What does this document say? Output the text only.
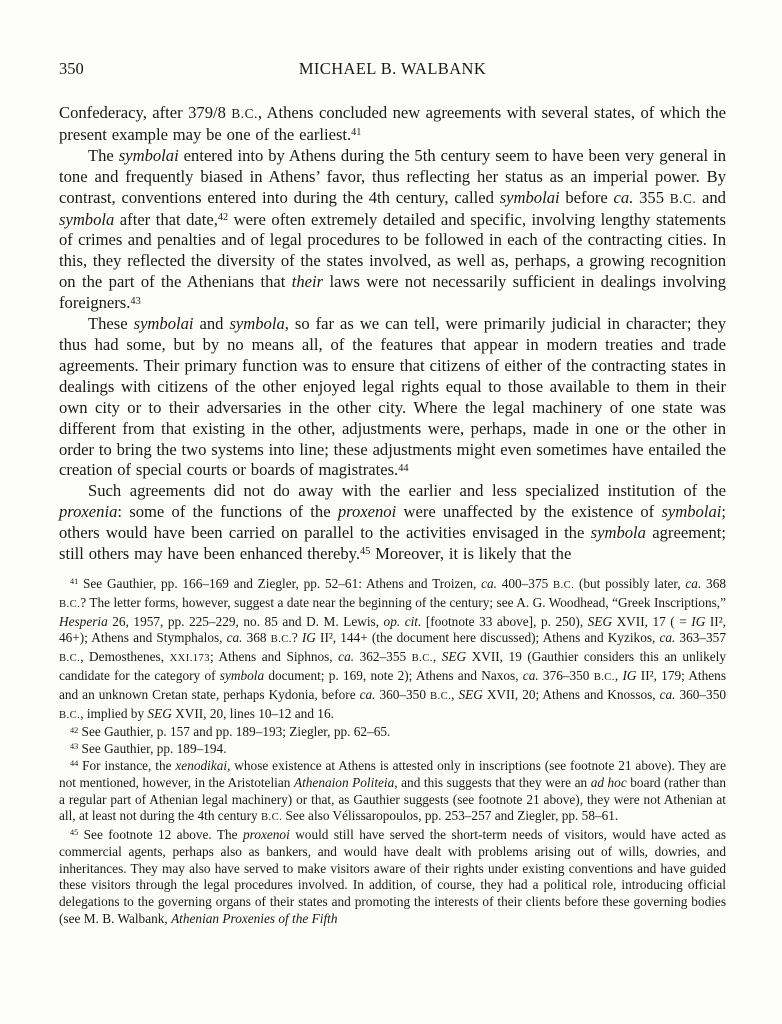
350	MICHAEL B. WALBANK

Confederacy, after 379/8 B.C., Athens concluded new agreements with several states, of which the present example may be one of the earliest.$^{41}$

The symbolai entered into by Athens during the 5th century seem to have been very general in tone and frequently biased in Athens’ favor, thus reflecting her status as an imperial power. By contrast, conventions entered into during the 4th century, called symbolai before ca. 355 B.C. and symbola after that date,$^{42}$ were often extremely detailed and specific, involving lengthy statements of crimes and penalties and of legal procedures to be followed in each of the contracting cities. In this, they reflected the diversity of the states involved, as well as, perhaps, a growing recognition on the part of the Athenians that their laws were not necessarily sufficient in dealings involving foreigners.$^{43}$

These symbolai and symbola, so far as we can tell, were primarily judicial in character; they thus had some, but by no means all, of the features that appear in modern treaties and trade agreements. Their primary function was to ensure that citizens of either of the contracting states in dealings with citizens of the other enjoyed legal rights equal to those available to them in their own city or to their adversaries in the other city. Where the legal machinery of one state was different from that existing in the other, adjustments were, perhaps, made in one or the other in order to bring the two systems into line; these adjustments might even sometimes have entailed the creation of special courts or boards of magistrates.$^{44}$

Such agreements did not do away with the earlier and less specialized institution of the proxenia: some of the functions of the proxenoi were unaffected by the existence of symbolai; others would have been carried on parallel to the activities envisaged in the symbola agreement; still others may have been enhanced thereby.$^{45}$ Moreover, it is likely that the

$^{41}$ See Gauthier, pp. 166–169 and Ziegler, pp. 52–61: Athens and Troizen, ca. 400–375 B.C. (but possibly later, ca. 368 B.C.? The letter forms, however, suggest a date near the beginning of the century; see A. G. Woodhead, “Greek Inscriptions,” Hesperia 26, 1957, pp. 225–229, no. 85 and D. M. Lewis, op. cit. [footnote 33 above], p. 250), SEG XVII, 17 ( = IG II², 46+); Athens and Stymphalos, ca. 368 B.C.? IG II², 144+ (the document here discussed); Athens and Kyzikos, ca. 363–357 B.C., Demosthenes, XXI.173; Athens and Siphnos, ca. 362–355 B.C., SEG XVII, 19 (Gauthier considers this an unlikely candidate for the category of symbola document; p. 169, note 2); Athens and Naxos, ca. 376–350 B.C., IG II², 179; Athens and an unknown Cretan state, perhaps Kydonia, before ca. 360–350 B.C., SEG XVII, 20; Athens and Knossos, ca. 360–350 B.C., implied by SEG XVII, 20, lines 10–12 and 16.

$^{42}$ See Gauthier, p. 157 and pp. 189–193; Ziegler, pp. 62–65.

$^{43}$ See Gauthier, pp. 189–194.

$^{44}$ For instance, the xenodikai, whose existence at Athens is attested only in inscriptions (see footnote 21 above). They are not mentioned, however, in the Aristotelian Athenaion Politeia, and this suggests that they were an ad hoc board (rather than a regular part of Athenian legal machinery) or that, as Gauthier suggests (see footnote 21 above), they were not Athenian at all, at least not during the 4th century B.C. See also Vélissaropoulos, pp. 253–257 and Ziegler, pp. 58–61.

$^{45}$ See footnote 12 above. The proxenoi would still have served the short-term needs of visitors, would have acted as commercial agents, perhaps also as bankers, and would have dealt with problems arising out of wills, dowries, and inheritances. They may also have served to make visitors aware of their rights under existing conventions and have guided these visitors through the legal procedures involved. In addition, of course, they had a political role, introducing official delegations to the governing organs of their states and promoting the interests of their clients before these governing bodies (see M. B. Walbank, Athenian Proxenies of the Fifth
